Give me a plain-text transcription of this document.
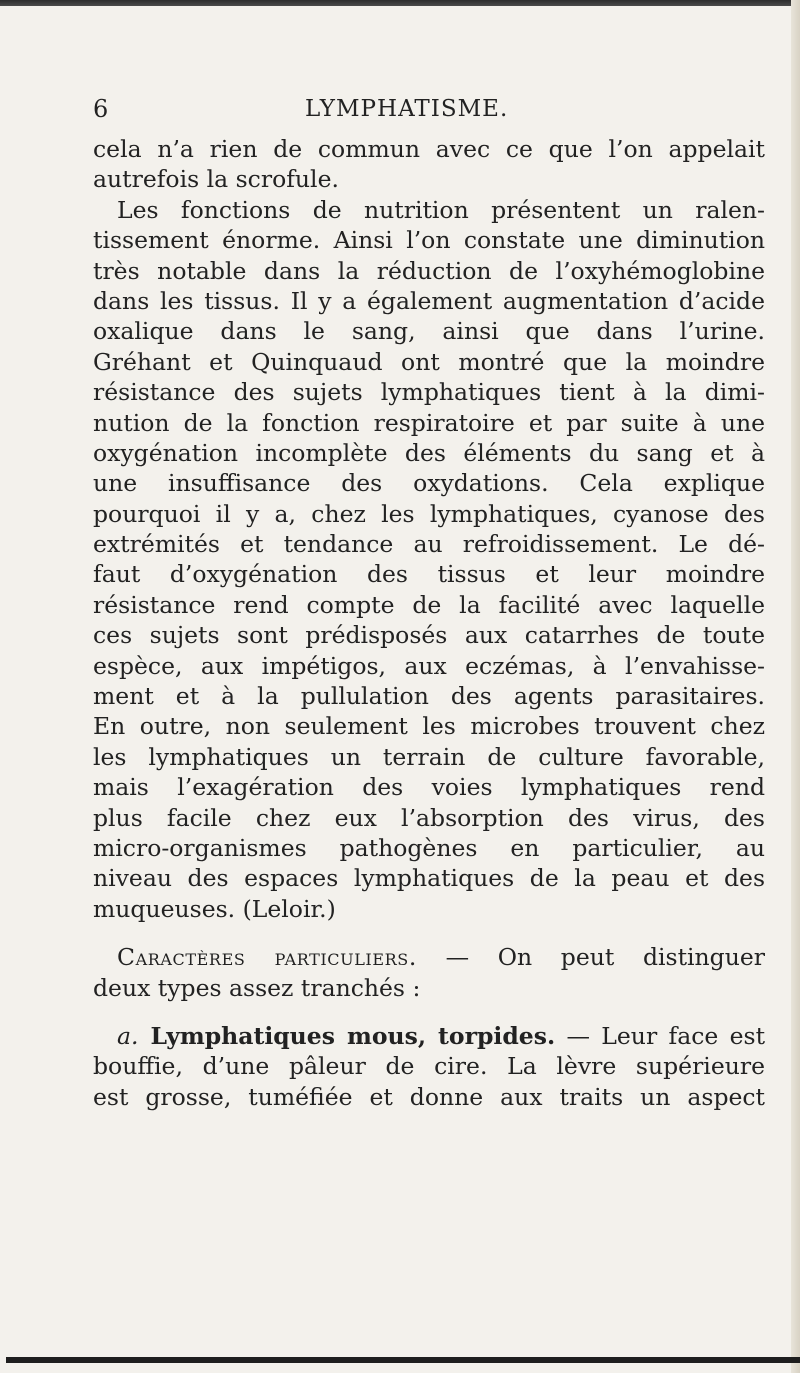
6	LYMPHATISME.
cela n’a rien de commun avec ce que l’on appelait
autrefois la scrofule.
Les fonctions de nutrition présentent un ralen-
tissement énorme. Ainsi l’on constate une diminution
très notable dans la réduction de l’oxyhémoglobine
dans les tissus. Il y a également augmentation d’acide
oxalique dans le sang, ainsi que dans l’urine.
Gréhant et Quinquaud ont montré que la moindre
résistance des sujets lymphatiques tient à la dimi-
nution de la fonction respiratoire et par suite à une
oxygénation incomplète des éléments du sang et à
une insuffisance des oxydations. Cela explique
pourquoi il y a, chez les lymphatiques, cyanose des
extrémités et tendance au refroidissement. Le dé-
faut d’oxygénation des tissus et leur moindre
résistance rend compte de la facilité avec laquelle
ces sujets sont prédisposés aux catarrhes de toute
espèce, aux impétigos, aux eczémas, à l’envahisse-
ment et à la pullulation des agents parasitaires.
En outre, non seulement les microbes trouvent chez
les lymphatiques un terrain de culture favorable,
mais l’exagération des voies lymphatiques rend
plus facile chez eux l’absorption des virus, des
micro-organismes pathogènes en particulier, au
niveau des espaces lymphatiques de la peau et des
muqueuses. (Leloir.)
Caractères particuliers. — On peut distinguer
deux types assez tranchés :
a. Lymphatiques mous, torpides. — Leur face est
bouffie, d’une pâleur de cire. La lèvre supérieure
est grosse, tuméfiée et donne aux traits un aspect
